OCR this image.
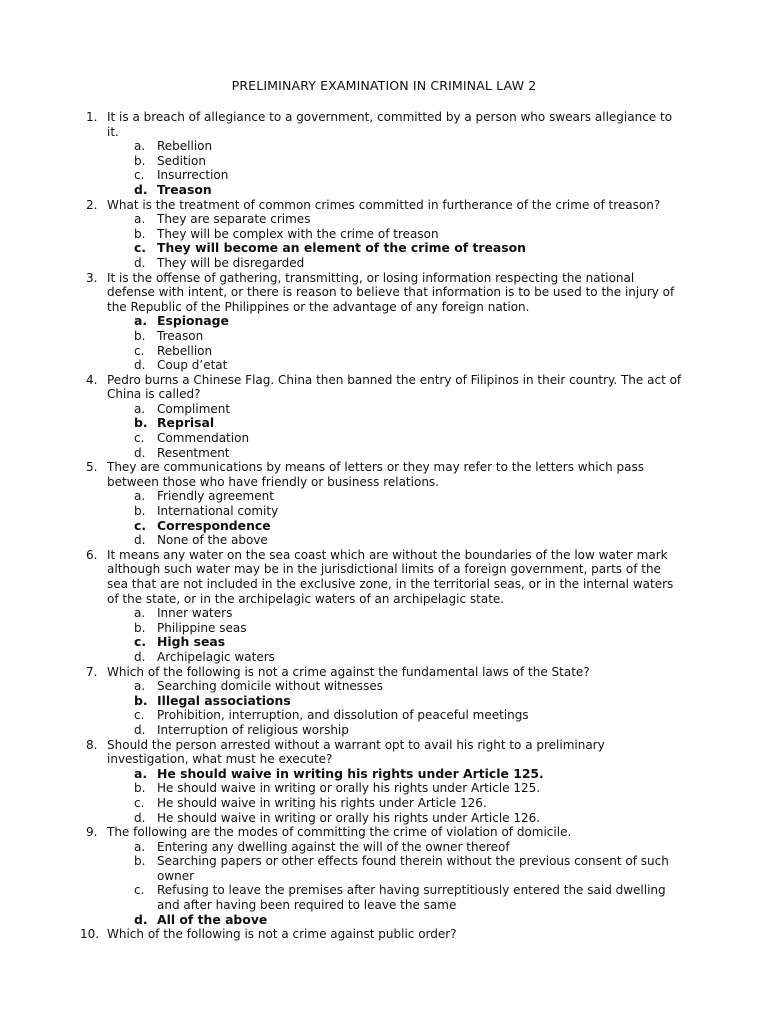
PRELIMINARY EXAMINATION IN CRIMINAL LAW 2
1. It is a breach of allegiance to a government, committed by a person who swears allegiance to it.
a. Rebellion
b. Sedition
c. Insurrection
d. Treason
2. What is the treatment of common crimes committed in furtherance of the crime of treason?
a. They are separate crimes
b. They will be complex with the crime of treason
c. They will become an element of the crime of treason
d. They will be disregarded
3. It is the offense of gathering, transmitting, or losing information respecting the national defense with intent, or there is reason to believe that information is to be used to the injury of the Republic of the Philippines or the advantage of any foreign nation.
a. Espionage
b. Treason
c. Rebellion
d. Coup d’etat
4. Pedro burns a Chinese Flag. China then banned the entry of Filipinos in their country. The act of China is called?
a. Compliment
b. Reprisal
c. Commendation
d. Resentment
5. They are communications by means of letters or they may refer to the letters which pass between those who have friendly or business relations.
a. Friendly agreement
b. International comity
c. Correspondence
d. None of the above
6. It means any water on the sea coast which are without the boundaries of the low water mark although such water may be in the jurisdictional limits of a foreign government, parts of the sea that are not included in the exclusive zone, in the territorial seas, or in the internal waters of the state, or in the archipelagic waters of an archipelagic state.
a. Inner waters
b. Philippine seas
c. High seas
d. Archipelagic waters
7. Which of the following is not a crime against the fundamental laws of the State?
a. Searching domicile without witnesses
b. Illegal associations
c. Prohibition, interruption, and dissolution of peaceful meetings
d. Interruption of religious worship
8. Should the person arrested without a warrant opt to avail his right to a preliminary investigation, what must he execute?
a. He should waive in writing his rights under Article 125.
b. He should waive in writing or orally his rights under Article 125.
c. He should waive in writing his rights under Article 126.
d. He should waive in writing or orally his rights under Article 126.
9. The following are the modes of committing the crime of violation of domicile.
a. Entering any dwelling against the will of the owner thereof
b. Searching papers or other effects found therein without the previous consent of such owner
c. Refusing to leave the premises after having surreptitiously entered the said dwelling and after having been required to leave the same
d. All of the above
10. Which of the following is not a crime against public order?
